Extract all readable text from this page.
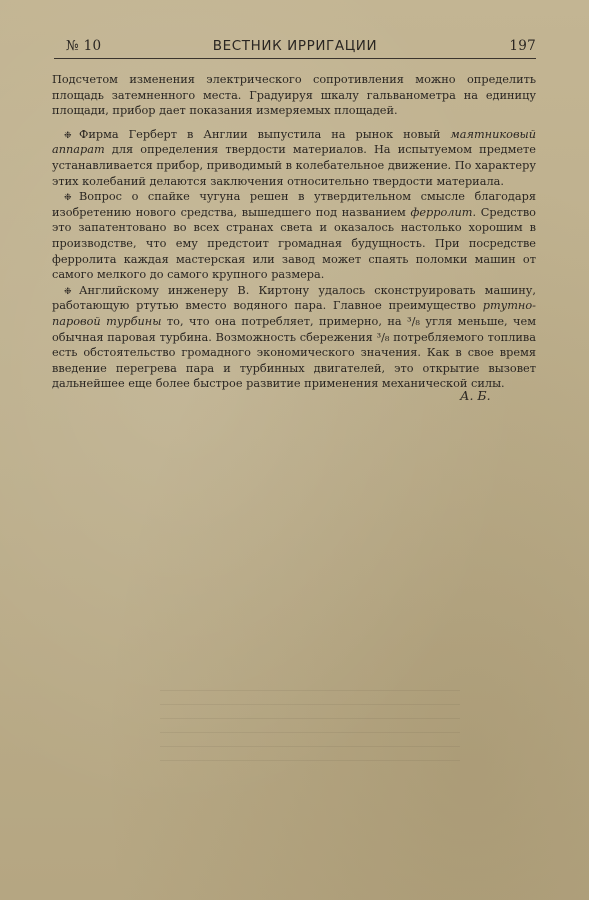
№ 10	ВЕСТНИК ИРРИГАЦИИ	197

Подсчетом изменения электрического сопротивления можно определить площадь затемненного места. Градуируя шкалу гальванометра на единицу площади, прибор дает показания измеряемых площадей.

❉ Фирма Герберт в Англии выпустила на рынок новый маятниковый аппарат для определения твердости материалов. На испытуемом предмете устанавливается прибор, приводимый в колебательное движение. По характеру этих колебаний делаются заключения относительно твердости материала.

❉ Вопрос о спайке чугуна решен в утвердительном смысле благодаря изобретению нового средства, вышедшего под названием ферролит. Средство это запатентовано во всех странах света и оказалось настолько хорошим в производстве, что ему предстоит громадная будущность. При посредстве ферролита каждая мастерская или завод может спаять поломки машин от самого мелкого до самого крупного размера.

❉ Английскому инженеру В. Киртону удалось сконструировать машину, работающую ртутью вместо водяного пара. Главное преимущество ртутно-паровой турбины то, что она потребляет, примерно, на ³/₈ угля меньше, чем обычная паровая турбина. Возможность сбережения ³/₈ потребляемого топлива есть обстоятельство громадного экономического значения. Как в свое время введение перегрева пара и турбинных двигателей, это открытие вызовет дальнейшее еще более быстрое развитие применения механической силы.

А. Б.
